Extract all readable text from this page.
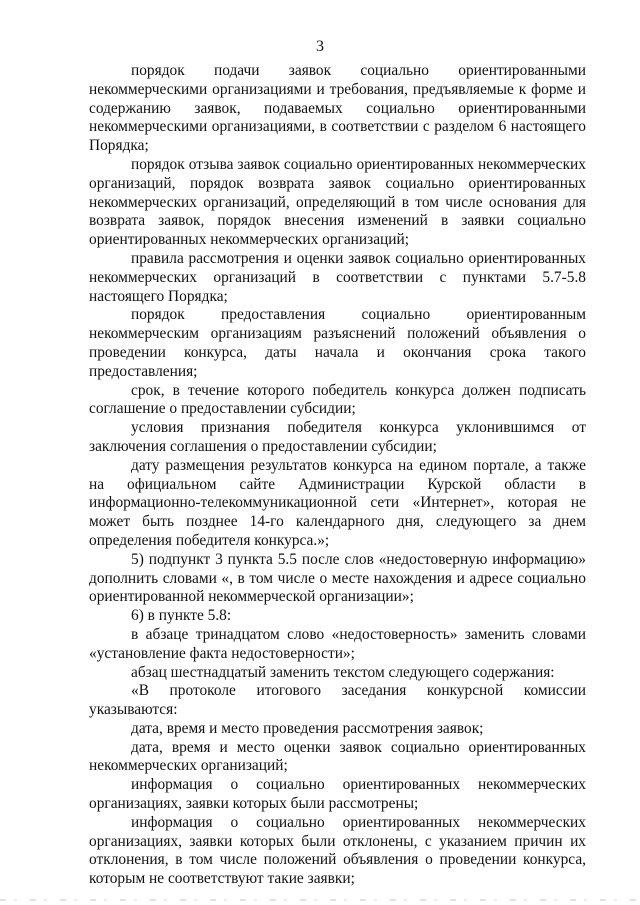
3

порядок подачи заявок социально ориентированными некоммерческими организациями и требования, предъявляемые к форме и содержанию заявок, подаваемых социально ориентированными некоммерческими организациями, в соответствии с разделом 6 настоящего Порядка;

порядок отзыва заявок социально ориентированных некоммерческих организаций, порядок возврата заявок социально ориентированных некоммерческих организаций, определяющий в том числе основания для возврата заявок, порядок внесения изменений в заявки социально ориентированных некоммерческих организаций;

правила рассмотрения и оценки заявок социально ориентированных некоммерческих организаций в соответствии с пунктами 5.7-5.8 настоящего Порядка;

порядок предоставления социально ориентированным некоммерческим организациям разъяснений положений объявления о проведении конкурса, даты начала и окончания срока такого предоставления;

срок, в течение которого победитель конкурса должен подписать соглашение о предоставлении субсидии;

условия признания победителя конкурса уклонившимся от заключения соглашения о предоставлении субсидии;

дату размещения результатов конкурса на едином портале, а также на официальном сайте Администрации Курской области в информационно-телекоммуникационной сети «Интернет», которая не может быть позднее 14-го календарного дня, следующего за днем определения победителя конкурса.»;

5) подпункт 3 пункта 5.5 после слов «недостоверную информацию» дополнить словами «, в том числе о месте нахождения и адресе социально ориентированной некоммерческой организации»;

6) в пункте 5.8:

в абзаце тринадцатом слово «недостоверность» заменить словами «установление факта недостоверности»;

абзац шестнадцатый заменить текстом следующего содержания:

«В протоколе итогового заседания конкурсной комиссии указываются:

дата, время и место проведения рассмотрения заявок;

дата, время и место оценки заявок социально ориентированных некоммерческих организаций;

информация о социально ориентированных некоммерческих организациях, заявки которых были рассмотрены;

информация о социально ориентированных некоммерческих организациях, заявки которых были отклонены, с указанием причин их отклонения, в том числе положений объявления о проведении конкурса, которым не соответствуют такие заявки;
